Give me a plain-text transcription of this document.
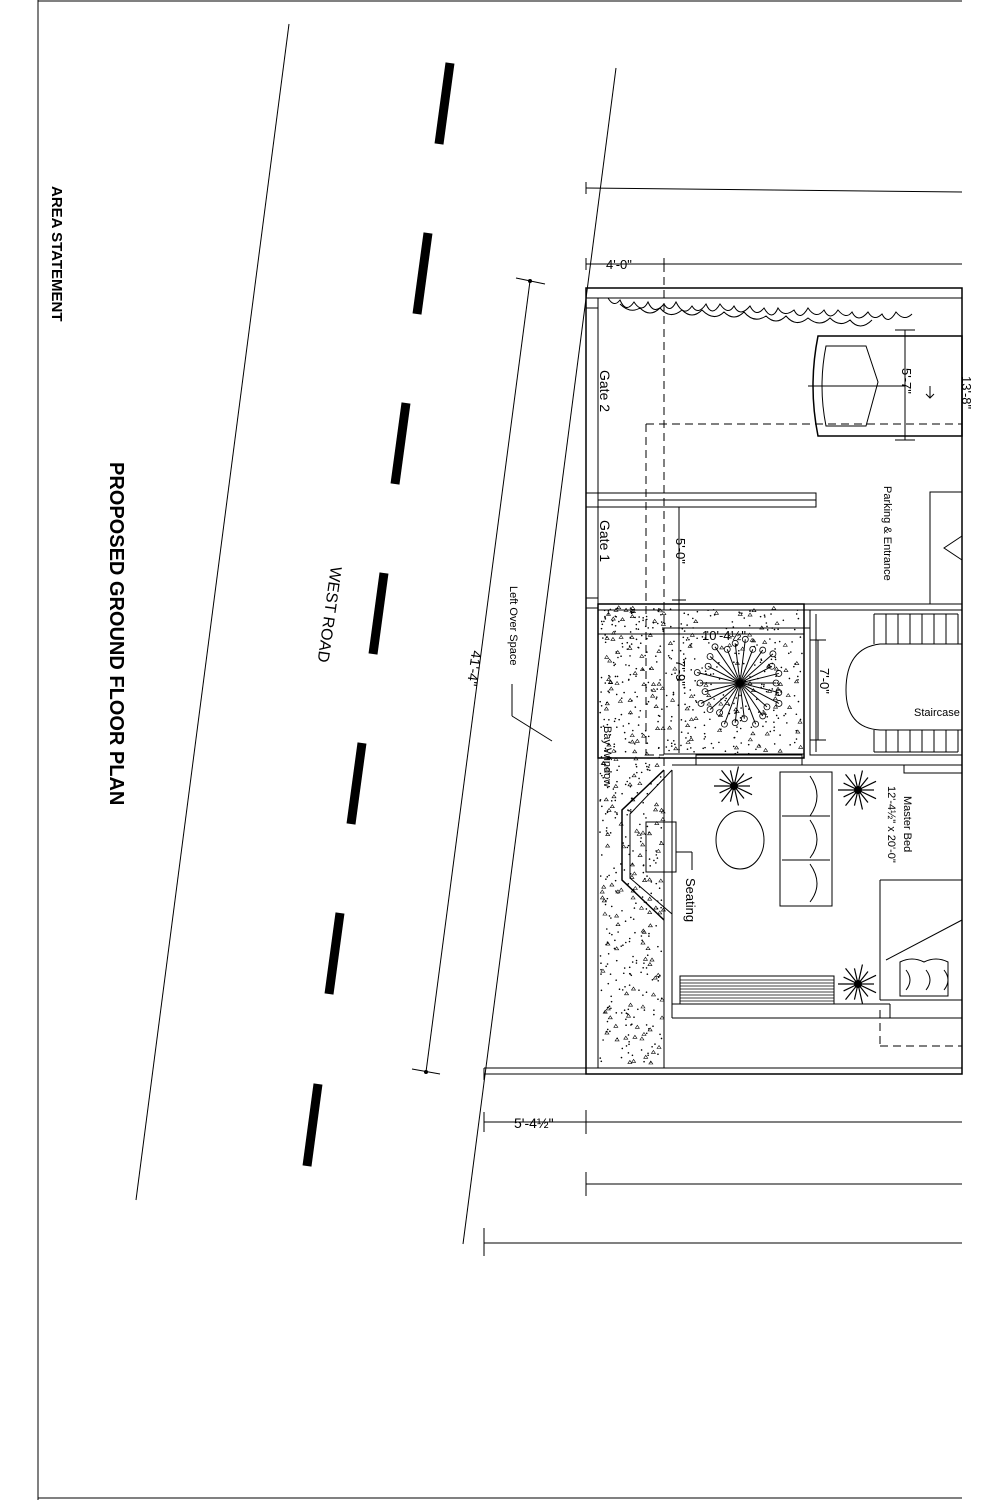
AREA STATEMENT
PROPOSED GROUND FLOOR PLAN	WEST ROAD	Left Over Space
41'-4"
4'-0"
5'-4½"
5'-0"
10'-4½"
7'-9"	7'-0"
5'-7"	13'-8"
Gate 2
Gate 1	Parking & Entrance
Staircase
Bay Window
Seating
Master Bed
12'-4½" x 20'-0"
